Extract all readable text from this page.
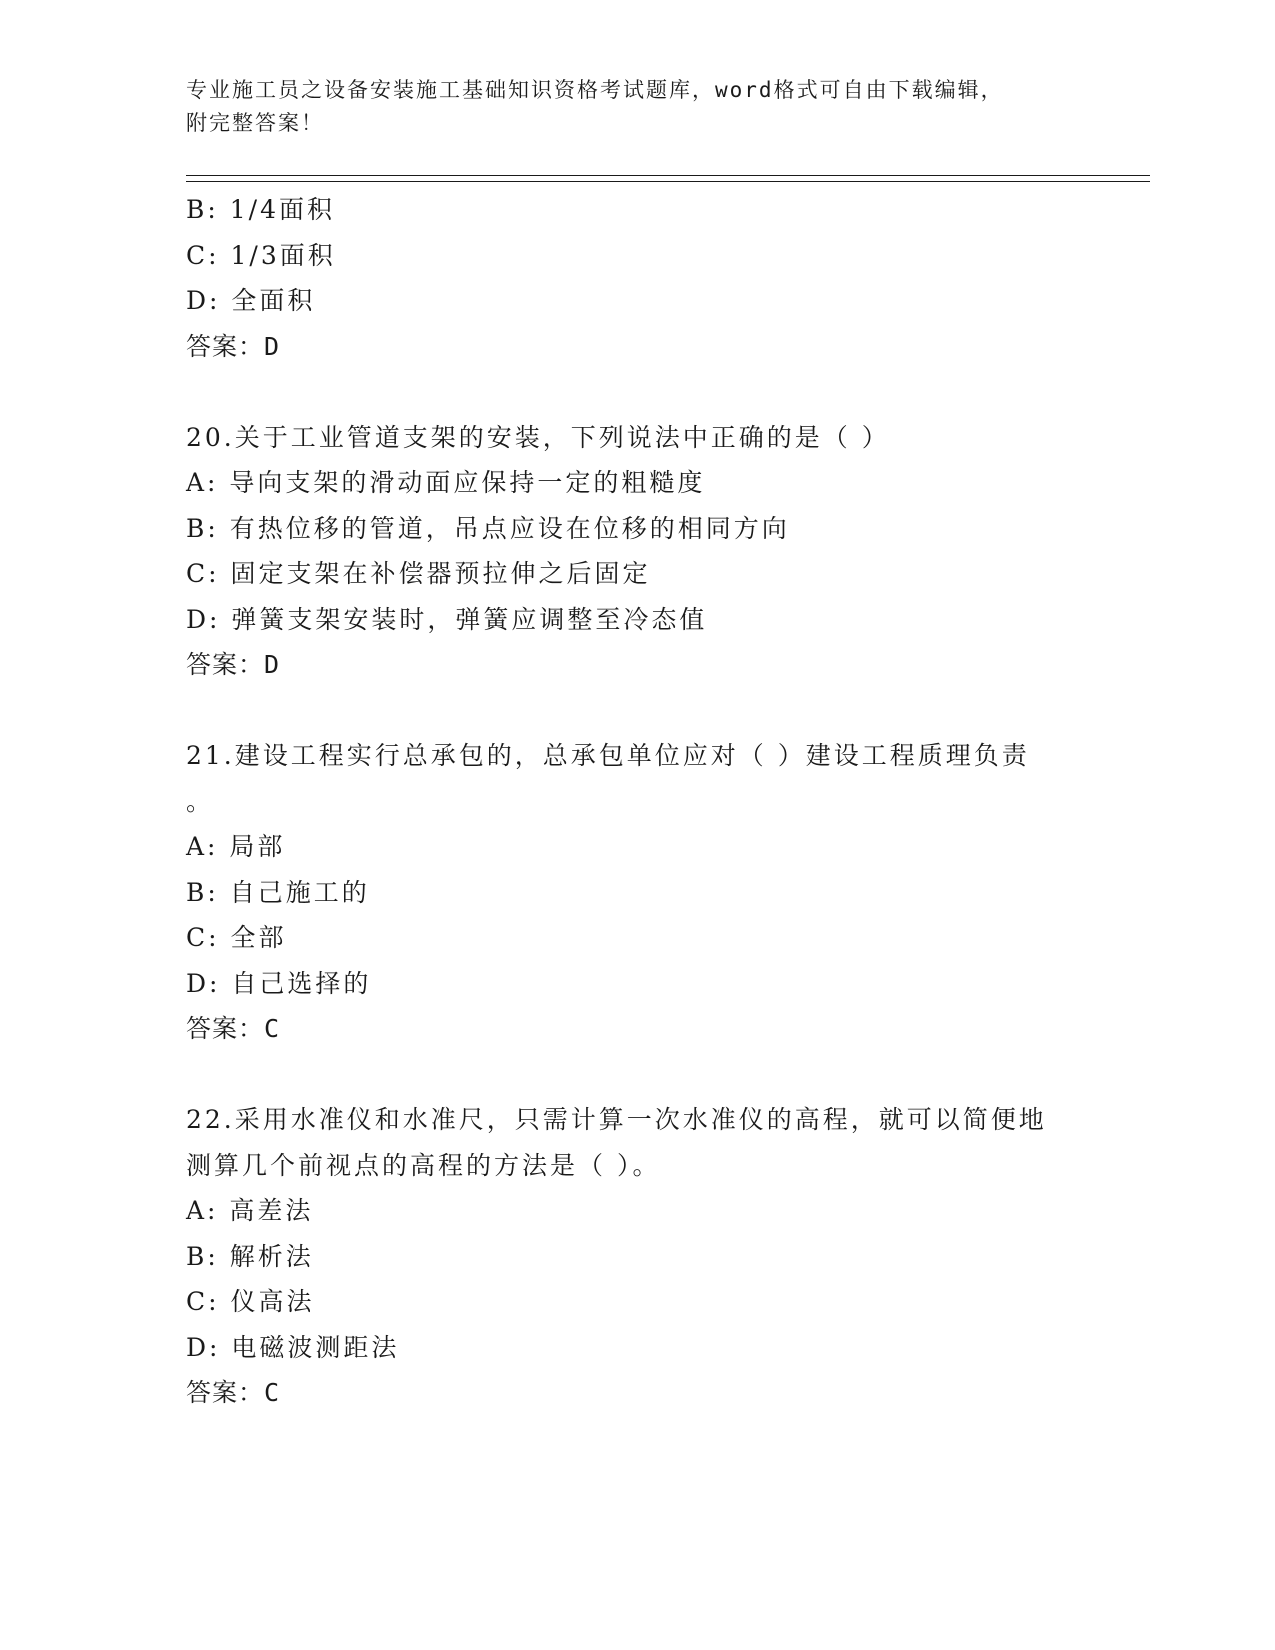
专业施工员之设备安装施工基础知识资格考试题库，word格式可自由下载编辑，
附完整答案！
B: 1/4面积
C: 1/3面积
D: 全面积
答案：D
20.关于工业管道支架的安装，下列说法中正确的是（ ）
A: 导向支架的滑动面应保持一定的粗糙度
B: 有热位移的管道，吊点应设在位移的相同方向
C: 固定支架在补偿器预拉伸之后固定
D: 弹簧支架安装时，弹簧应调整至冷态值
答案：D
21.建设工程实行总承包的，总承包单位应对（ ）建设工程质理负责
。
A: 局部
B: 自己施工的
C: 全部
D: 自己选择的
答案：C
22.采用水准仪和水准尺，只需计算一次水准仪的高程，就可以简便地
测算几个前视点的高程的方法是（ ）。
A: 高差法
B: 解析法
C: 仪高法
D: 电磁波测距法
答案：C
